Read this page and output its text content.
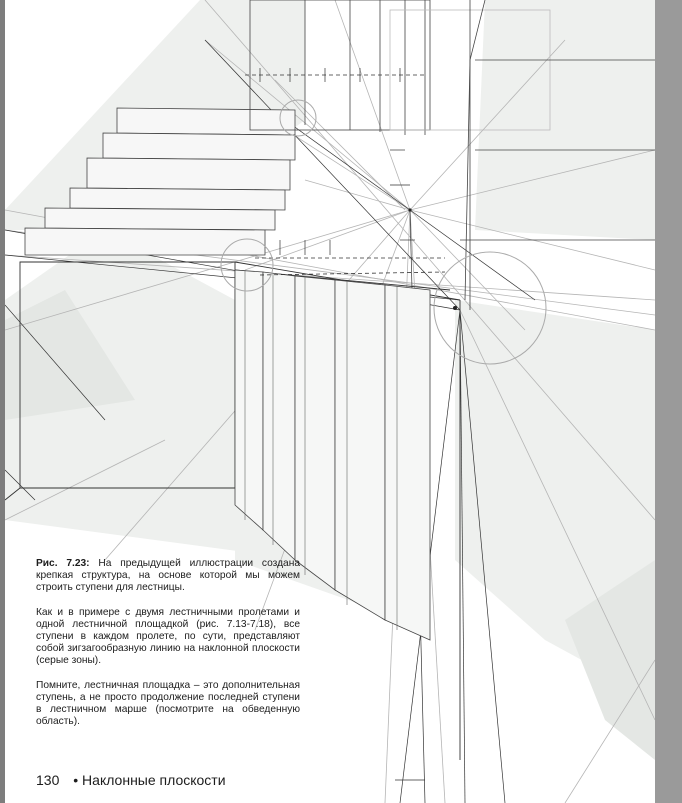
Рис. 7.23: На предыдущей иллюстрации создана крепкая структура, на основе которой мы можем строить ступени для лестницы.

Как и в примере с двумя лестничными пролетами и одной лестничной площадкой (рис. 7.13-7.18), все ступени в каждом пролете, по сути, представляют собой зигзагообразную линию на наклонной плоскости (серые зоны).

Помните, лестничная площадка – это дополнительная ступень, а не просто продолжение последней ступени в лестничном марше (посмотрите на обведенную область).

130 • Наклонные плоскости
